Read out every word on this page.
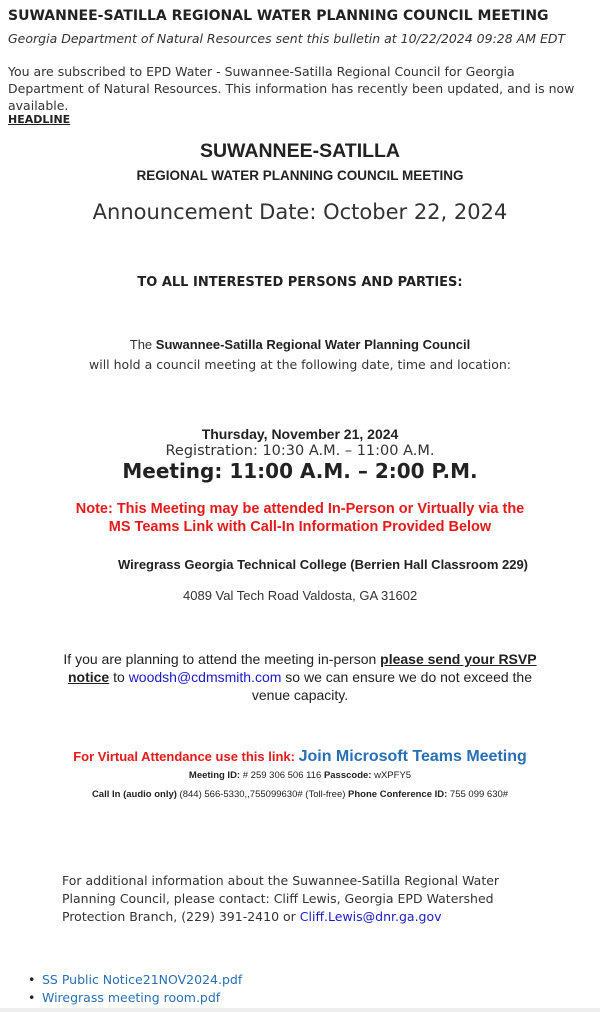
SUWANNEE-SATILLA REGIONAL WATER PLANNING COUNCIL MEETING
Georgia Department of Natural Resources sent this bulletin at 10/22/2024 09:28 AM EDT
You are subscribed to EPD Water - Suwannee-Satilla Regional Council for Georgia Department of Natural Resources. This information has recently been updated, and is now available.
HEADLINE
SUWANNEE-SATILLA
REGIONAL WATER PLANNING COUNCIL MEETING
Announcement Date: October 22, 2024
TO ALL INTERESTED PERSONS AND PARTIES:
The Suwannee-Satilla Regional Water Planning Council
will hold a council meeting at the following date, time and location:
Thursday, November 21, 2024
Registration: 10:30 A.M. – 11:00 A.M.
Meeting: 11:00 A.M. – 2:00 P.M.
Note: This Meeting may be attended In-Person or Virtually via the
MS Teams Link with Call-In Information Provided Below
Wiregrass Georgia Technical College (Berrien Hall Classroom 229)
4089 Val Tech Road Valdosta, GA 31602
If you are planning to attend the meeting in-person please send your RSVP
notice to woodsh@cdmsmith.com so we can ensure we do not exceed the
venue capacity.
For Virtual Attendance use this link: Join Microsoft Teams Meeting
Meeting ID: # 259 306 506 116 Passcode: wXPFY5
Call In (audio only) (844) 566-5330,,755099630# (Toll-free) Phone Conference ID: 755 099 630#
For additional information about the Suwannee-Satilla Regional Water Planning Council, please contact: Cliff Lewis, Georgia EPD Watershed Protection Branch, (229) 391-2410 or Cliff.Lewis@dnr.ga.gov
• SS Public Notice21NOV2024.pdf
• Wiregrass meeting room.pdf
